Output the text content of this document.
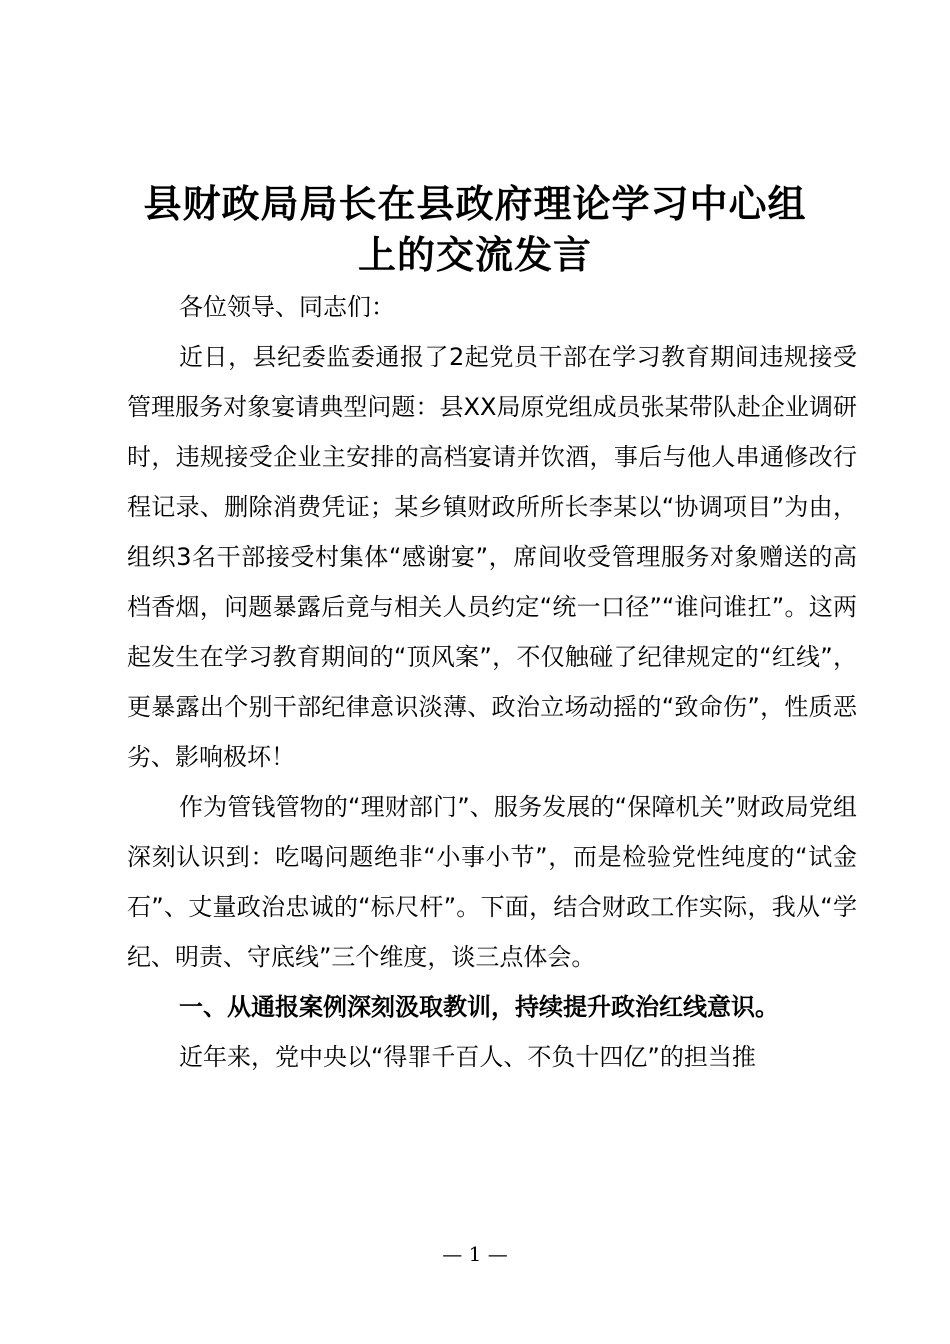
县财政局局长在县政府理论学习中心组
上的交流发言

各位领导、同志们：

近日，县纪委监委通报了2起党员干部在学习教育期间违规接受管理服务对象宴请典型问题：县XX局原党组成员张某带队赴企业调研时，违规接受企业主安排的高档宴请并饮酒，事后与他人串通修改行程记录、删除消费凭证；某乡镇财政所所长李某以“协调项目”为由，组织3名干部接受村集体“感谢宴”，席间收受管理服务对象赠送的高档香烟，问题暴露后竟与相关人员约定“统一口径”“谁问谁扛”。这两起发生在学习教育期间的“顶风案”，不仅触碰了纪律规定的“红线”，更暴露出个别干部纪律意识淡薄、政治立场动摇的“致命伤”，性质恶劣、影响极坏！

作为管钱管物的“理财部门”、服务发展的“保障机关”财政局党组深刻认识到：吃喝问题绝非“小事小节”，而是检验党性纯度的“试金石”、丈量政治忠诚的“标尺杆”。下面，结合财政工作实际，我从“学纪、明责、守底线”三个维度，谈三点体会。

一、从通报案例深刻汲取教训，持续提升政治红线意识。

近年来，党中央以“得罪千百人、不负十四亿”的担当推

— 1 —
